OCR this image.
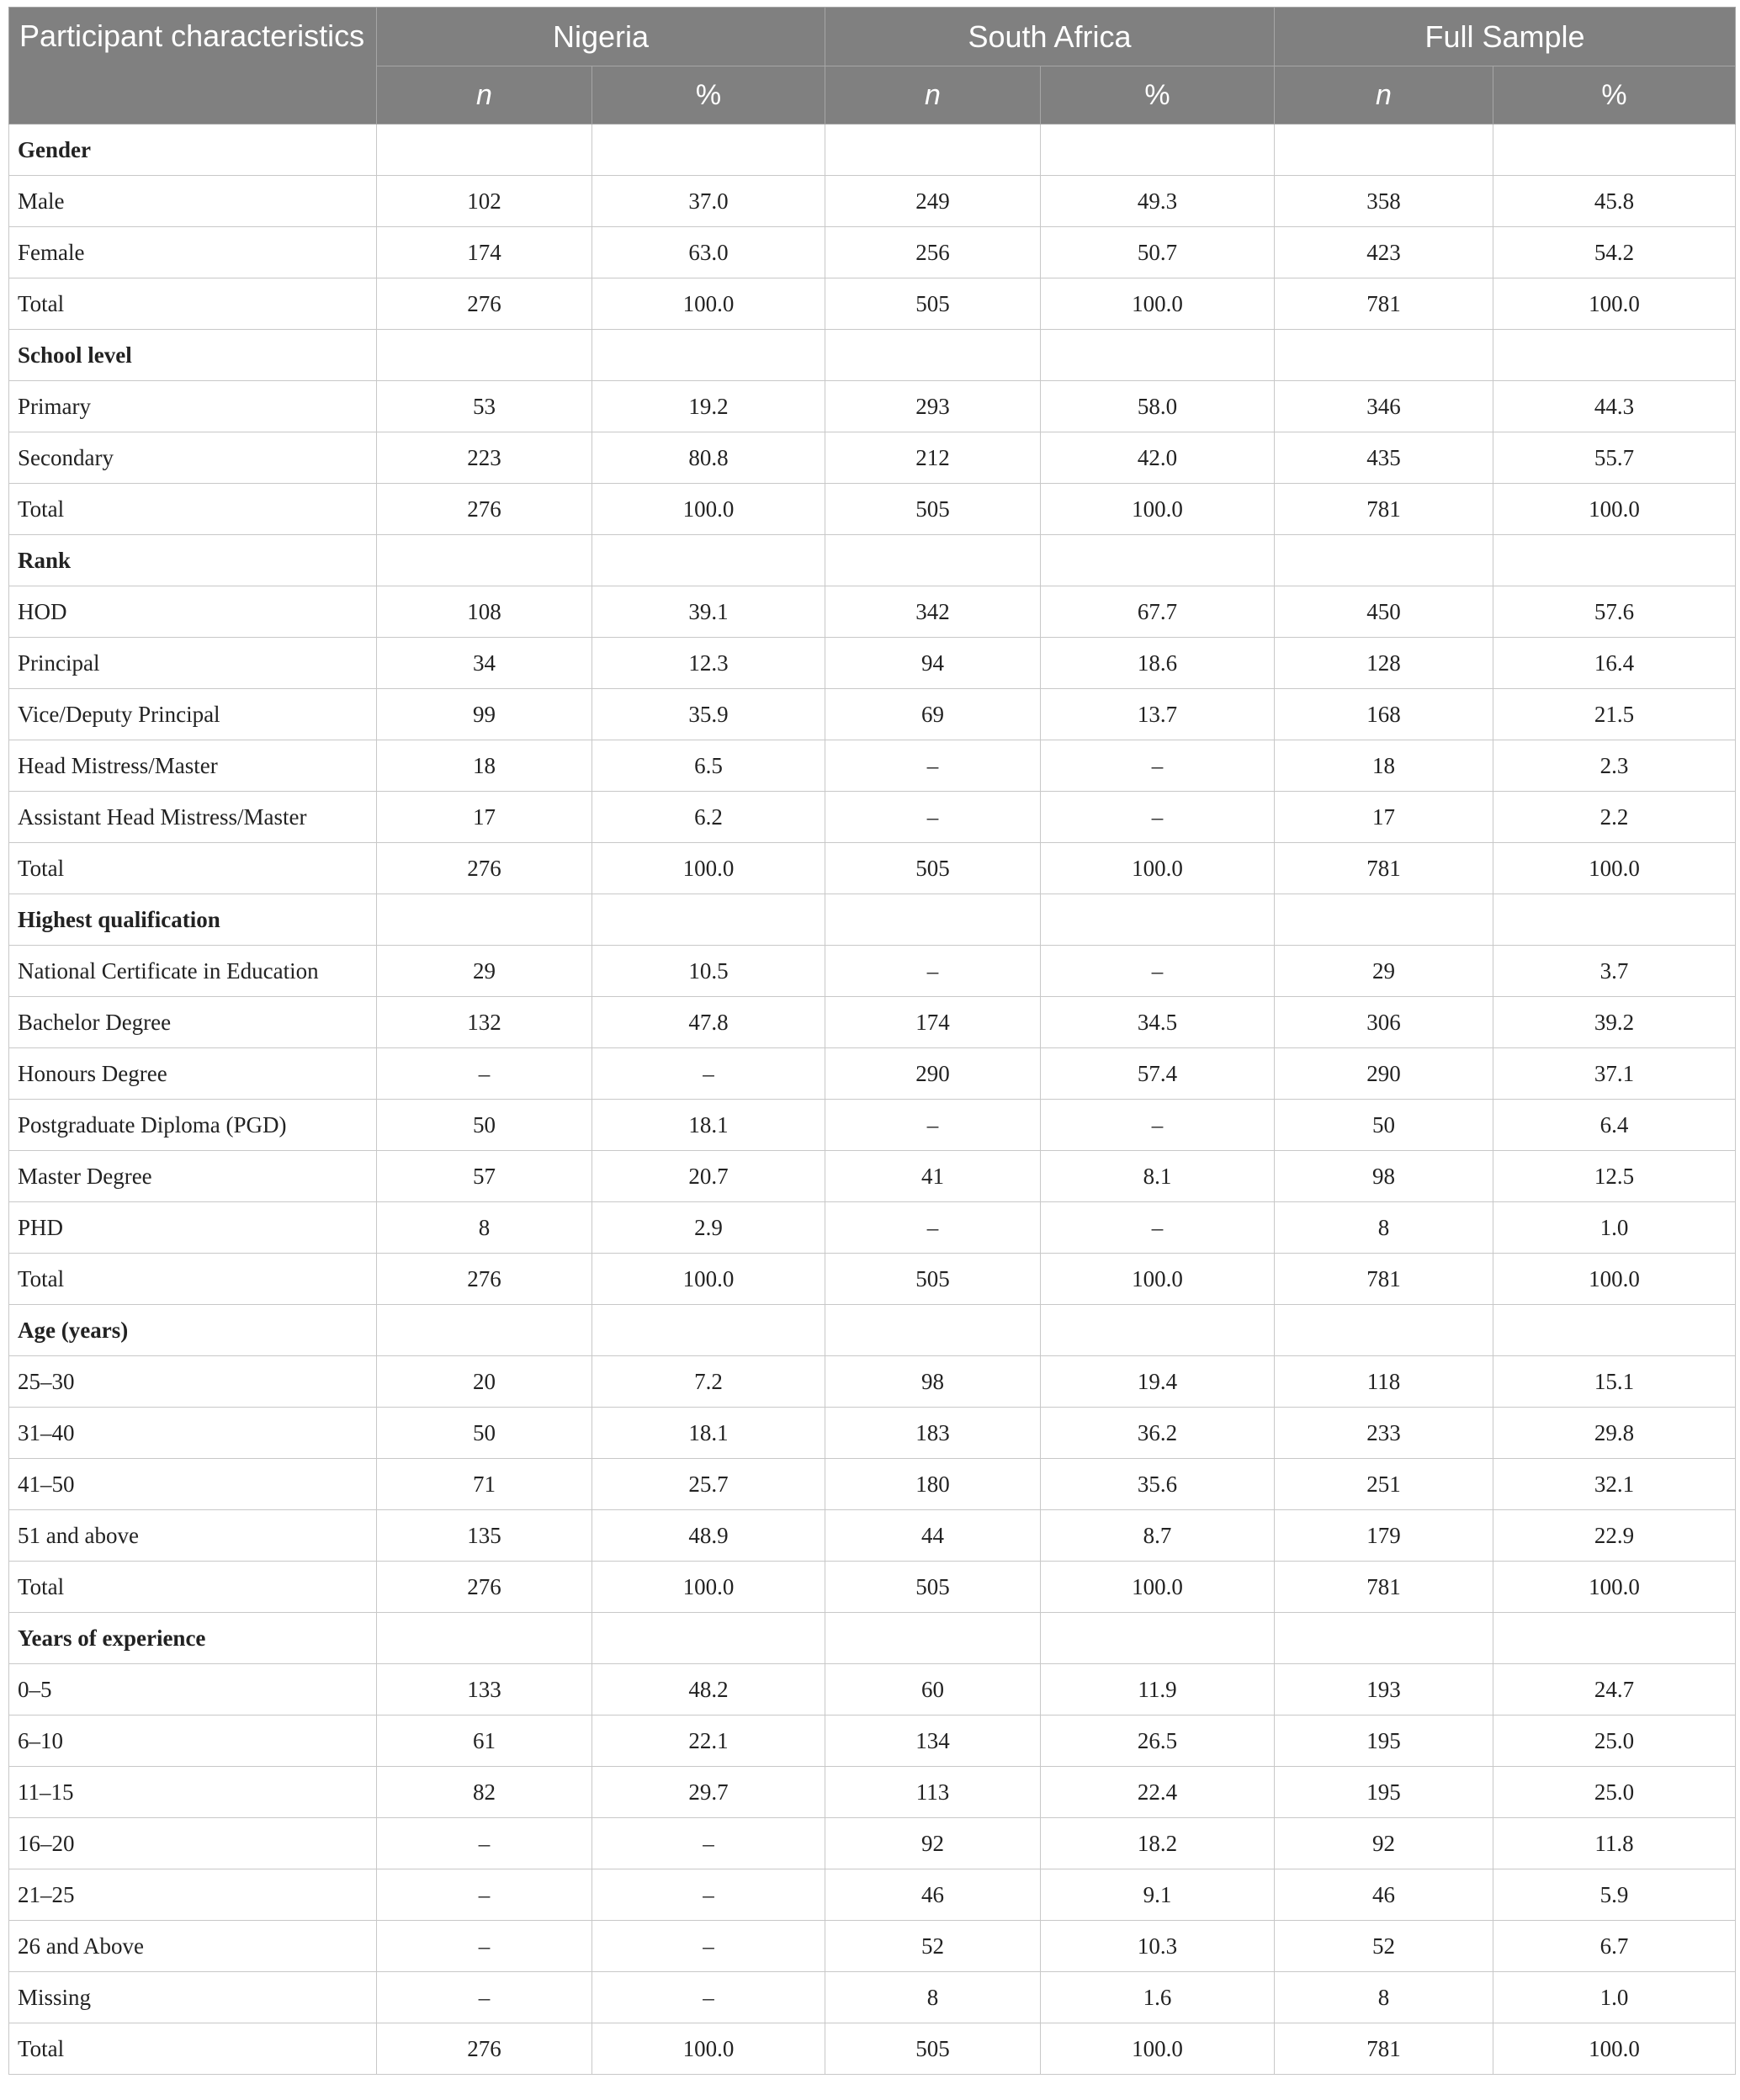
Participant characteristics	Nigeria		South Africa		Full Sample	
	n	%	n	%	n	%
Gender						
Male	102	37.0	249	49.3	358	45.8
Female	174	63.0	256	50.7	423	54.2
Total	276	100.0	505	100.0	781	100.0
School level						
Primary	53	19.2	293	58.0	346	44.3
Secondary	223	80.8	212	42.0	435	55.7
Total	276	100.0	505	100.0	781	100.0
Rank						
HOD	108	39.1	342	67.7	450	57.6
Principal	34	12.3	94	18.6	128	16.4
Vice/Deputy Principal	99	35.9	69	13.7	168	21.5
Head Mistress/Master	18	6.5	–	–	18	2.3
Assistant Head Mistress/Master	17	6.2	–	–	17	2.2
Total	276	100.0	505	100.0	781	100.0
Highest qualification						
National Certificate in Education	29	10.5	–	–	29	3.7
Bachelor Degree	132	47.8	174	34.5	306	39.2
Honours Degree	–	–	290	57.4	290	37.1
Postgraduate Diploma (PGD)	50	18.1	–	–	50	6.4
Master Degree	57	20.7	41	8.1	98	12.5
PHD	8	2.9	–	–	8	1.0
Total	276	100.0	505	100.0	781	100.0
Age (years)						
25–30	20	7.2	98	19.4	118	15.1
31–40	50	18.1	183	36.2	233	29.8
41–50	71	25.7	180	35.6	251	32.1
51 and above	135	48.9	44	8.7	179	22.9
Total	276	100.0	505	100.0	781	100.0
Years of experience						
0–5	133	48.2	60	11.9	193	24.7
6–10	61	22.1	134	26.5	195	25.0
11–15	82	29.7	113	22.4	195	25.0
16–20	–	–	92	18.2	92	11.8
21–25	–	–	46	9.1	46	5.9
26 and Above	–	–	52	10.3	52	6.7
Missing	–	–	8	1.6	8	1.0
Total	276	100.0	505	100.0	781	100.0
